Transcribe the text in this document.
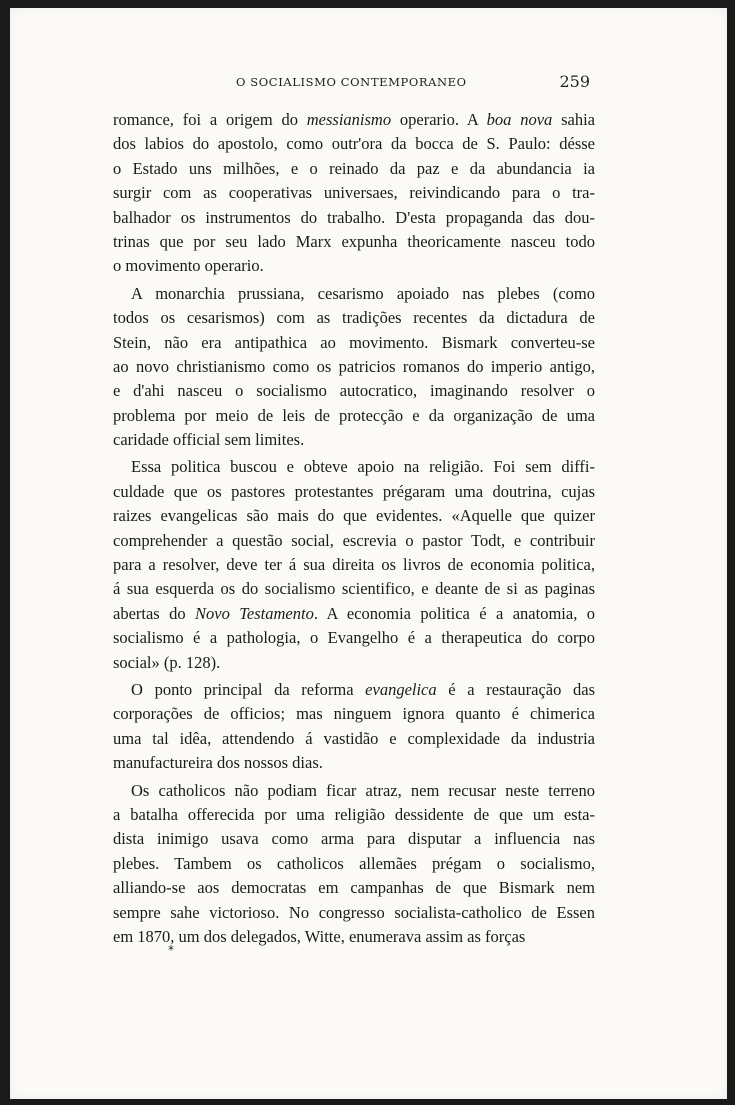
O SOCIALISMO CONTEMPORANEO	259
romance, foi a origem do messianismo operario. A boa nova sahia
dos labios do apostolo, como outr'ora da bocca de S. Paulo: désse
o Estado uns milhões, e o reinado da paz e da abundancia ia
surgir com as cooperativas universaes, reivindicando para o tra-
balhador os instrumentos do trabalho. D'esta propaganda das dou-
trinas que por seu lado Marx expunha theoricamente nasceu todo
o movimento operario.
A monarchia prussiana, cesarismo apoiado nas plebes (como
todos os cesarismos) com as tradições recentes da dictadura de
Stein, não era antipathica ao movimento. Bismark converteu-se
ao novo christianismo como os patricios romanos do imperio antigo,
e d'ahi nasceu o socialismo autocratico, imaginando resolver o
problema por meio de leis de protecção e da organização de uma
caridade official sem limites.
Essa politica buscou e obteve apoio na religião. Foi sem diffi-
culdade que os pastores protestantes prégaram uma doutrina, cujas
raizes evangelicas são mais do que evidentes. «Aquelle que quizer
comprehender a questão social, escrevia o pastor Todt, e contribuir
para a resolver, deve ter á sua direita os livros de economia politica,
á sua esquerda os do socialismo scientifico, e deante de si as paginas
abertas do Novo Testamento. A economia politica é a anatomia, o
socialismo é a pathologia, o Evangelho é a therapeutica do corpo
social» (p. 128).
O ponto principal da reforma evangelica é a restauração das
corporações de officios; mas ninguem ignora quanto é chimerica
uma tal idêa, attendendo á vastidão e complexidade da industria
manufactureira dos nossos dias.
Os catholicos não podiam ficar atraz, nem recusar neste terreno
a batalha offerecida por uma religião dessidente de que um esta-
dista inimigo usava como arma para disputar a influencia nas
plebes. Tambem os catholicos allemães prégam o socialismo,
alliando-se aos democratas em campanhas de que Bismark nem
sempre sahe victorioso. No congresso socialista-catholico de Essen
em 1870, um dos delegados, Witte, enumerava assim as forças
*
